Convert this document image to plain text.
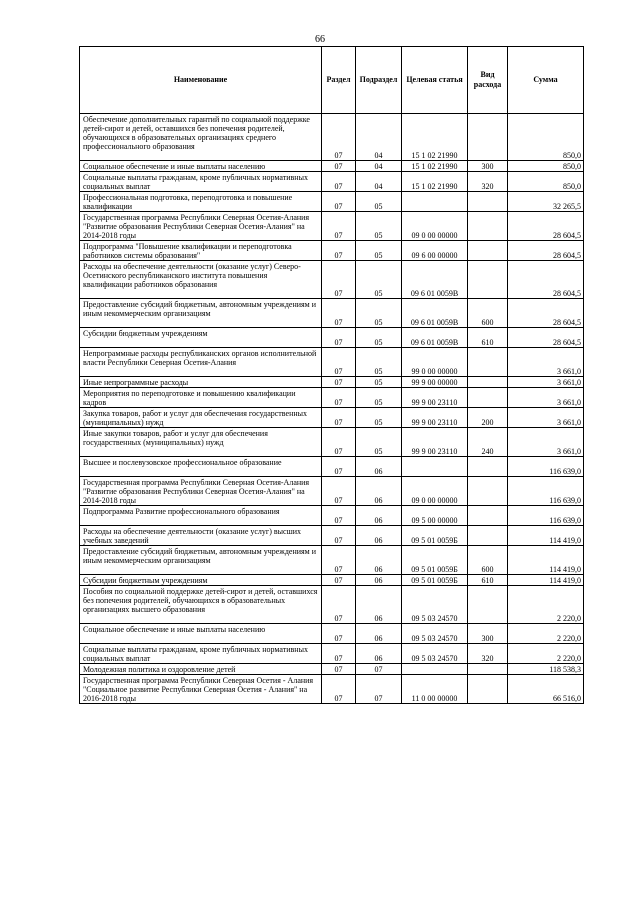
66
Наименование	Раздел	Подраздел	Целевая статья	Вид расхода	Сумма
Обеспечение дополнительных гарантий по социальной поддержке детей-сирот и детей, оставшихся без попечения родителей, обучающихся в образовательных организациях среднего профессионального образования	07	04	15 1 02 21990		850,0
Социальное обеспечение и иные выплаты населению	07	04	15 1 02 21990	300	850,0
Социальные выплаты гражданам, кроме публичных нормативных социальных выплат	07	04	15 1 02 21990	320	850,0
Профессиональная подготовка, переподготовка и повышение квалификации	07	05			32 265,5
Государственная программа Республики Северная Осетия-Алания "Развитие образования Республики Северная Осетия-Алания" на 2014-2018 годы	07	05	09 0 00 00000		28 604,5
Подпрограмма "Повышение квалификации и переподготовка работников системы образования"	07	05	09 6 00 00000		28 604,5
Расходы на обеспечение деятельности (оказание услуг) Северо-Осетинского республиканского института повышения квалификации работников образования	07	05	09 6 01 0059В		28 604,5
Предоставление субсидий бюджетным, автономным учреждениям и иным некоммерческим организациям	07	05	09 6 01 0059В	600	28 604,5
Субсидии бюджетным учреждениям	07	05	09 6 01 0059В	610	28 604,5
Непрограммные расходы республиканских органов исполнительной власти Республики Северная Осетия-Алания	07	05	99 0 00 00000		3 661,0
Иные непрограммные расходы	07	05	99 9 00 00000		3 661,0
Мероприятия по переподготовке и повышению квалификации кадров	07	05	99 9 00 23110		3 661,0
Закупка товаров, работ и услуг для обеспечения государственных (муниципальных) нужд	07	05	99 9 00 23110	200	3 661,0
Иные закупки товаров, работ и услуг для обеспечения государственных (муниципальных) нужд	07	05	99 9 00 23110	240	3 661,0
Высшее и послевузовское профессиональное образование	07	06			116 639,0
Государственная программа Республики Северная Осетия-Алания "Развитие образования Республики Северная Осетия-Алания" на 2014-2018 годы	07	06	09 0 00 00000		116 639,0
Подпрограмма Развитие профессионального образования	07	06	09 5 00 00000		116 639,0
Расходы на обеспечение деятельности (оказание услуг) высших учебных заведений	07	06	09 5 01 0059Б		114 419,0
Предоставление субсидий бюджетным, автономным учреждениям и иным некоммерческим организациям	07	06	09 5 01 0059Б	600	114 419,0
Субсидии бюджетным учреждениям	07	06	09 5 01 0059Б	610	114 419,0
Пособия по социальной поддержке детей-сирот и детей, оставшихся без попечения родителей, обучающихся в образовательных организациях высшего образования	07	06	09 5 03 24570		2 220,0
Социальное обеспечение и иные выплаты населению	07	06	09 5 03 24570	300	2 220,0
Социальные выплаты гражданам, кроме публичных нормативных социальных выплат	07	06	09 5 03 24570	320	2 220,0
Молодежная политика и оздоровление детей	07	07			118 538,3
Государственная программа Республики Северная Осетия - Алания "Социальное развитие Республики Северная Осетия - Алания" на 2016-2018 годы	07	07	11 0 00 00000		66 516,0
